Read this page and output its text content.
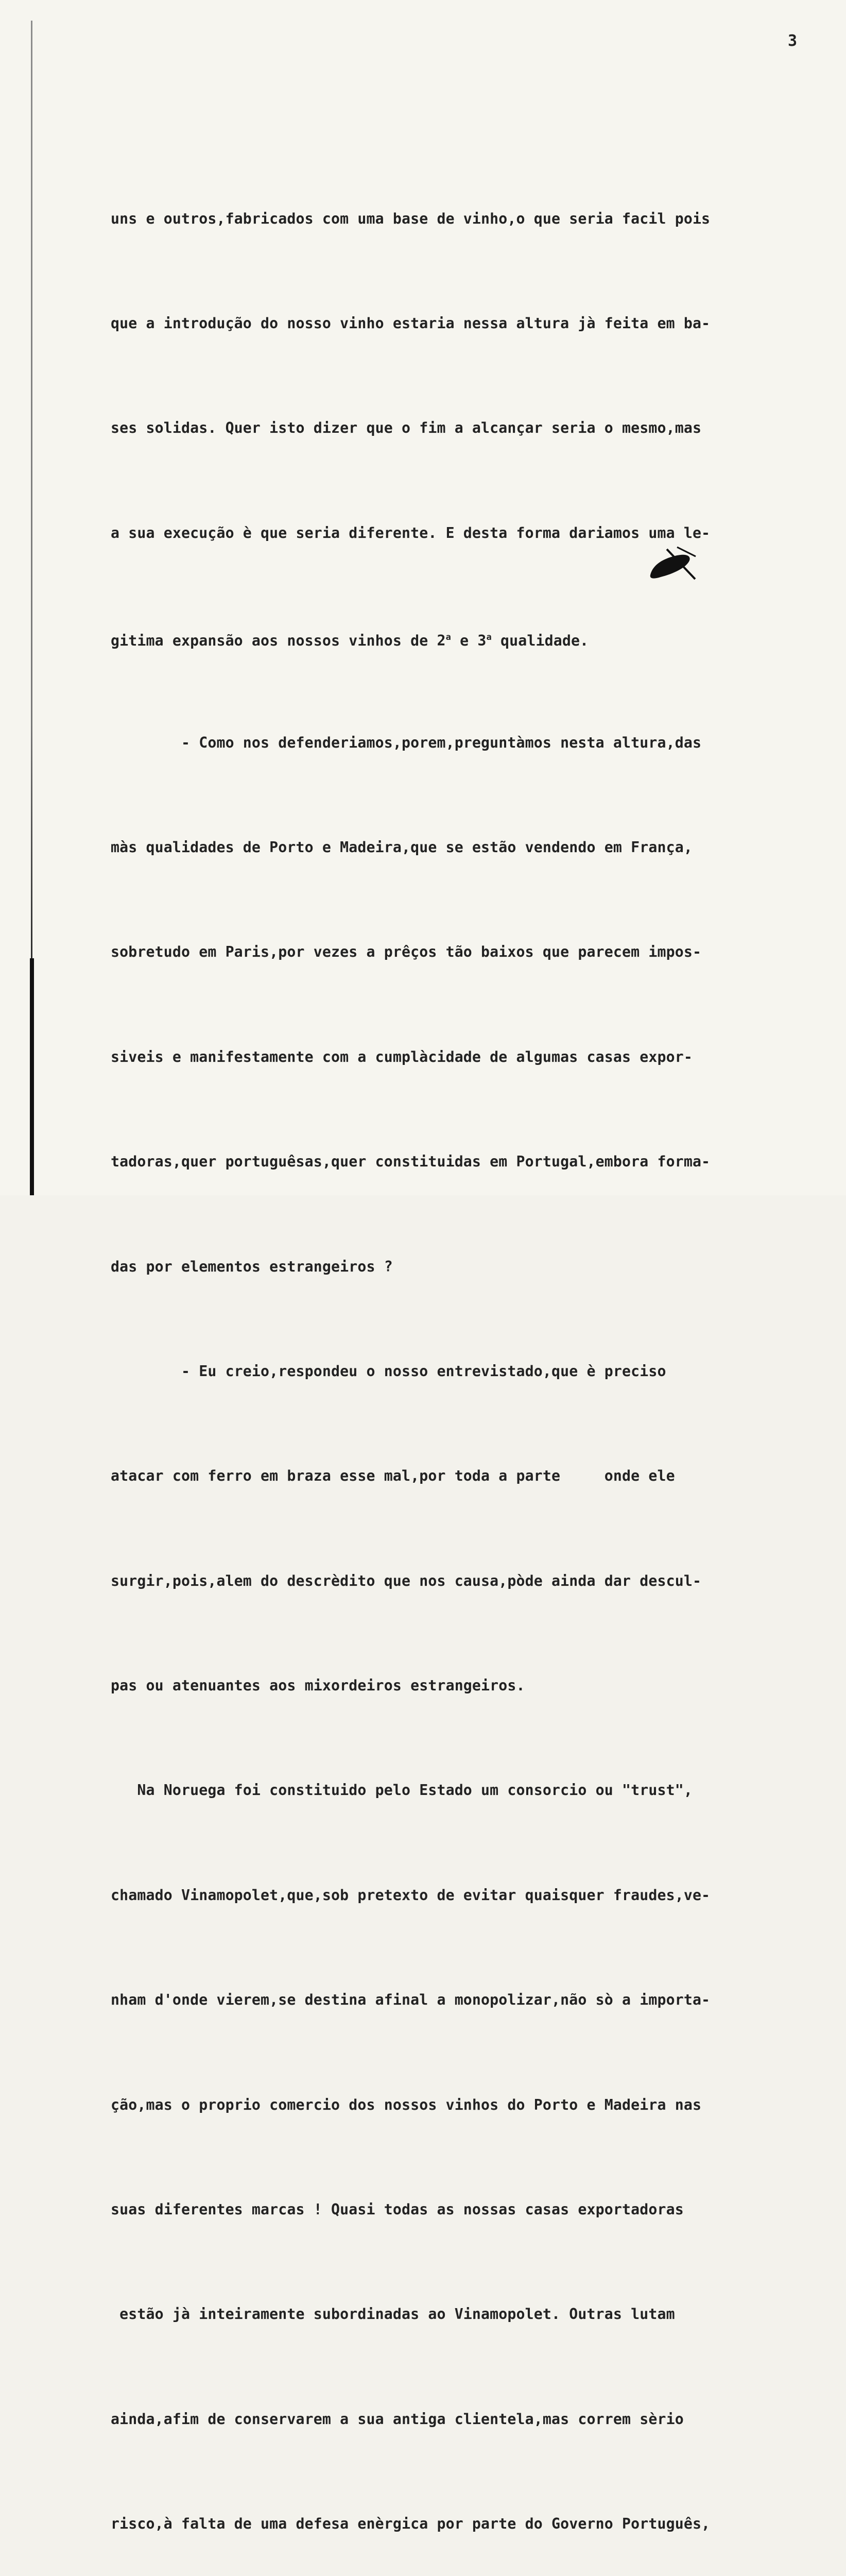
3

uns e outros,fabricados com uma base de vinho,o que seria facil pois

que a introdução do nosso vinho estaria nessa altura jà feita em ba-

ses solidas. Quer isto dizer que o fim a alcançar seria o mesmo,mas

a sua execução è que seria diferente. E desta forma dariamos uma le-

gitima expansão aos nossos vinhos de 2$^a$ e 3$^a$ qualidade.

- Como nos defenderiamos,porem,preguntàmos nesta altura,das

màs qualidades de Porto e Madeira,que se estão vendendo em França,

sobretudo em Paris,por vezes a prêços tão baixos que parecem impos-

siveis e manifestamente com a cumplàcidade de algumas casas expor-

tadoras,quer portuguêsas,quer constituidas em Portugal,embora forma-

das por elementos estrangeiros ?

- Eu creio,respondeu o nosso entrevistado,que è preciso

atacar com ferro em braza esse mal,por toda a parte     onde ele

surgir,pois,alem do descrèdito que nos causa,pòde ainda dar descul-

pas ou atenuantes aos mixordeiros estrangeiros.

Na Noruega foi constituido pelo Estado um consorcio ou "trust",

chamado Vinamopolet,que,sob pretexto de evitar quaisquer fraudes,ve-

nham d'onde vierem,se destina afinal a monopolizar,não sò a importa-

ção,mas o proprio comercio dos nossos vinhos do Porto e Madeira nas

suas diferentes marcas ! Quasi todas as nossas casas exportadoras

estão jà inteiramente subordinadas ao Vinamopolet. Outras lutam

ainda,afim de conservarem a sua antiga clientela,mas correm sèrio

risco,à falta de uma defesa enèrgica por parte do Governo Português,
